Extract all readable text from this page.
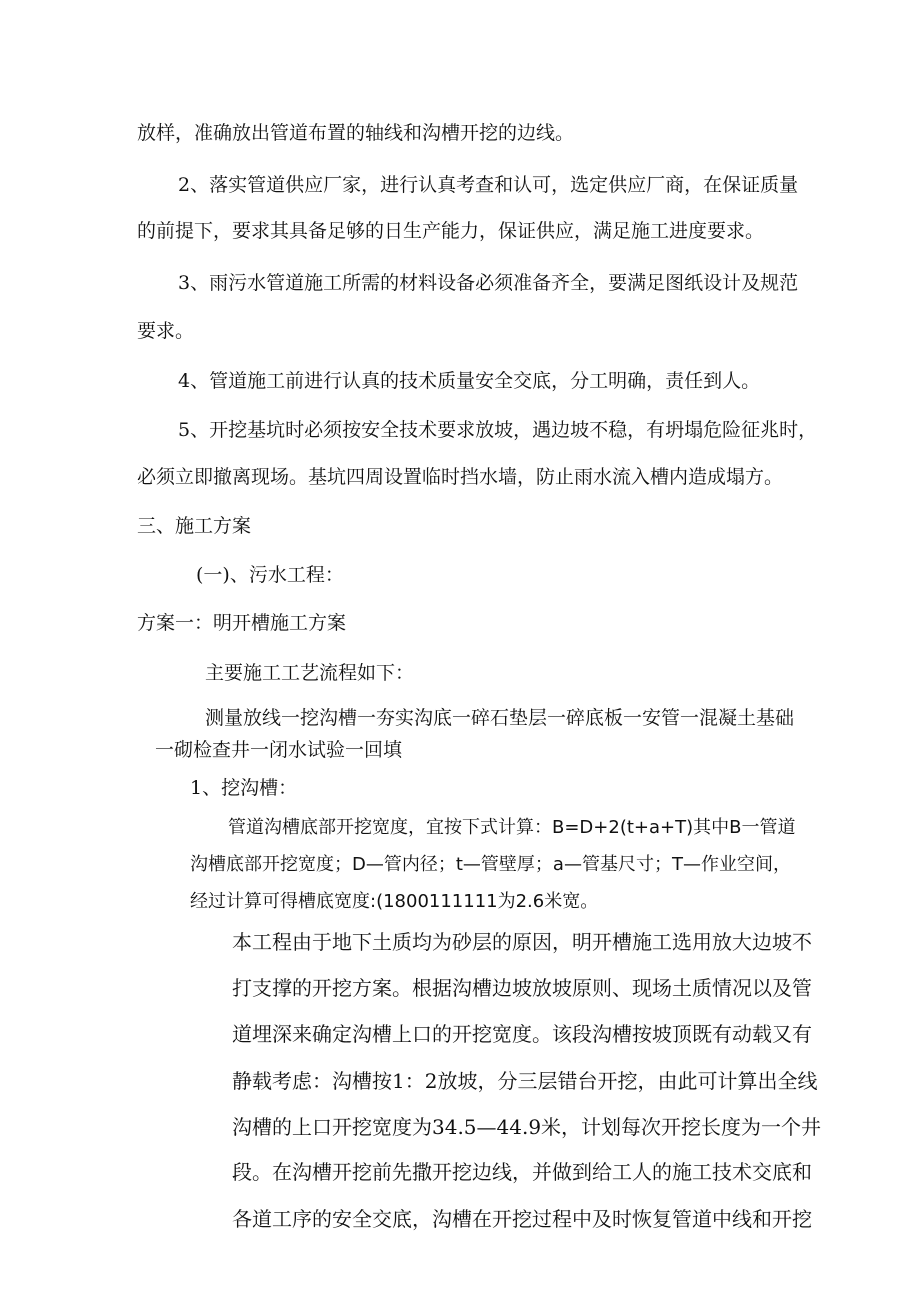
放样，准确放出管道布置的轴线和沟槽开挖的边线。

2、落实管道供应厂家，进行认真考查和认可，选定供应厂商，在保证质量

的前提下，要求其具备足够的日生产能力，保证供应，满足施工进度要求。

3、雨污水管道施工所需的材料设备必须准备齐全，要满足图纸设计及规范

要求。

4、管道施工前进行认真的技术质量安全交底，分工明确，责任到人。

5、开挖基坑时必须按安全技术要求放坡，遇边坡不稳，有坍塌危险征兆时，

必须立即撤离现场。基坑四周设置临时挡水墙，防止雨水流入槽内造成塌方。

三、施工方案

(一)、污水工程：

方案一：明开槽施工方案

主要施工工艺流程如下：

测量放线一挖沟槽一夯实沟底一碎石垫层一碎底板一安管一混凝土基础

一砌检查井一闭水试验一回填

1、挖沟槽：

管道沟槽底部开挖宽度，宜按下式计算：B=D+2(t+a+T)其中B一管道

沟槽底部开挖宽度；D—管内径；t—管壁厚；a—管基尺寸；T—作业空间，

经过计算可得槽底宽度:(1800111111为2.6米宽。

本工程由于地下土质均为砂层的原因，明开槽施工选用放大边坡不

打支撑的开挖方案。根据沟槽边坡放坡原则、现场土质情况以及管

道埋深来确定沟槽上口的开挖宽度。该段沟槽按坡顶既有动载又有

静载考虑：沟槽按1：2放坡，分三层错台开挖，由此可计算出全线

沟槽的上口开挖宽度为34.5—44.9米，计划每次开挖长度为一个井

段。在沟槽开挖前先撒开挖边线，并做到给工人的施工技术交底和

各道工序的安全交底，沟槽在开挖过程中及时恢复管道中线和开挖
